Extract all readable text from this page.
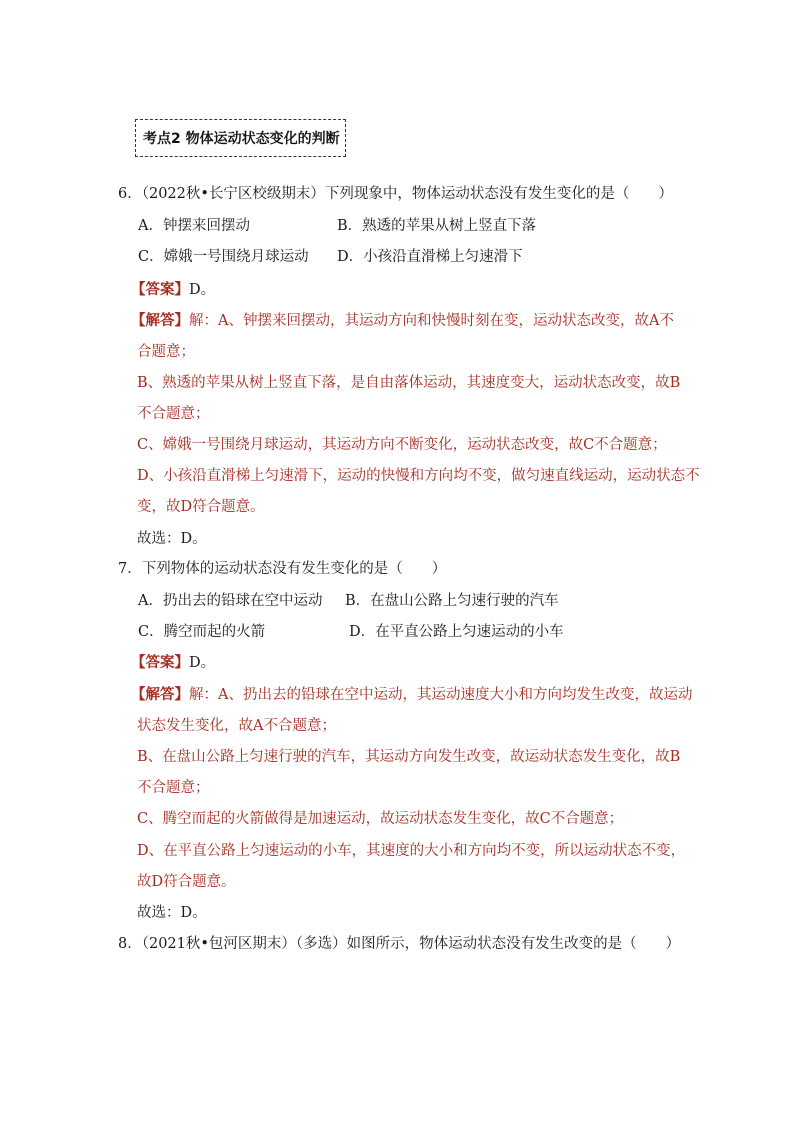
考点2 物体运动状态变化的判断
6．（2022秋•长宁区校级期末）下列现象中，物体运动状态没有发生变化的是（　　）
A．钟摆来回摆动	B．熟透的苹果从树上竖直下落
C．嫦娥一号围绕月球运动 D．小孩沿直滑梯上匀速滑下
【答案】D。
【解答】解：A、钟摆来回摆动，其运动方向和快慢时刻在变，运动状态改变，故A不
合题意；
B、熟透的苹果从树上竖直下落，是自由落体运动，其速度变大，运动状态改变，故B
不合题意；
C、嫦娥一号围绕月球运动，其运动方向不断变化，运动状态改变，故C不合题意；
D、小孩沿直滑梯上匀速滑下，运动的快慢和方向均不变，做匀速直线运动，运动状态不
变，故D符合题意。
故选：D。
7．下列物体的运动状态没有发生变化的是（　　）
A．扔出去的铅球在空中运动 B．在盘山公路上匀速行驶的汽车
C．腾空而起的火箭	D．在平直公路上匀速运动的小车
【答案】D。
【解答】解：A、扔出去的铅球在空中运动，其运动速度大小和方向均发生改变，故运动
状态发生变化，故A不合题意；
B、在盘山公路上匀速行驶的汽车，其运动方向发生改变，故运动状态发生变化，故B
不合题意；
C、腾空而起的火箭做得是加速运动，故运动状态发生变化，故C不合题意；
D、在平直公路上匀速运动的小车，其速度的大小和方向均不变，所以运动状态不变，
故D符合题意。
故选：D。
8．（2021秋•包河区期末）（多选）如图所示，物体运动状态没有发生改变的是（　　）
